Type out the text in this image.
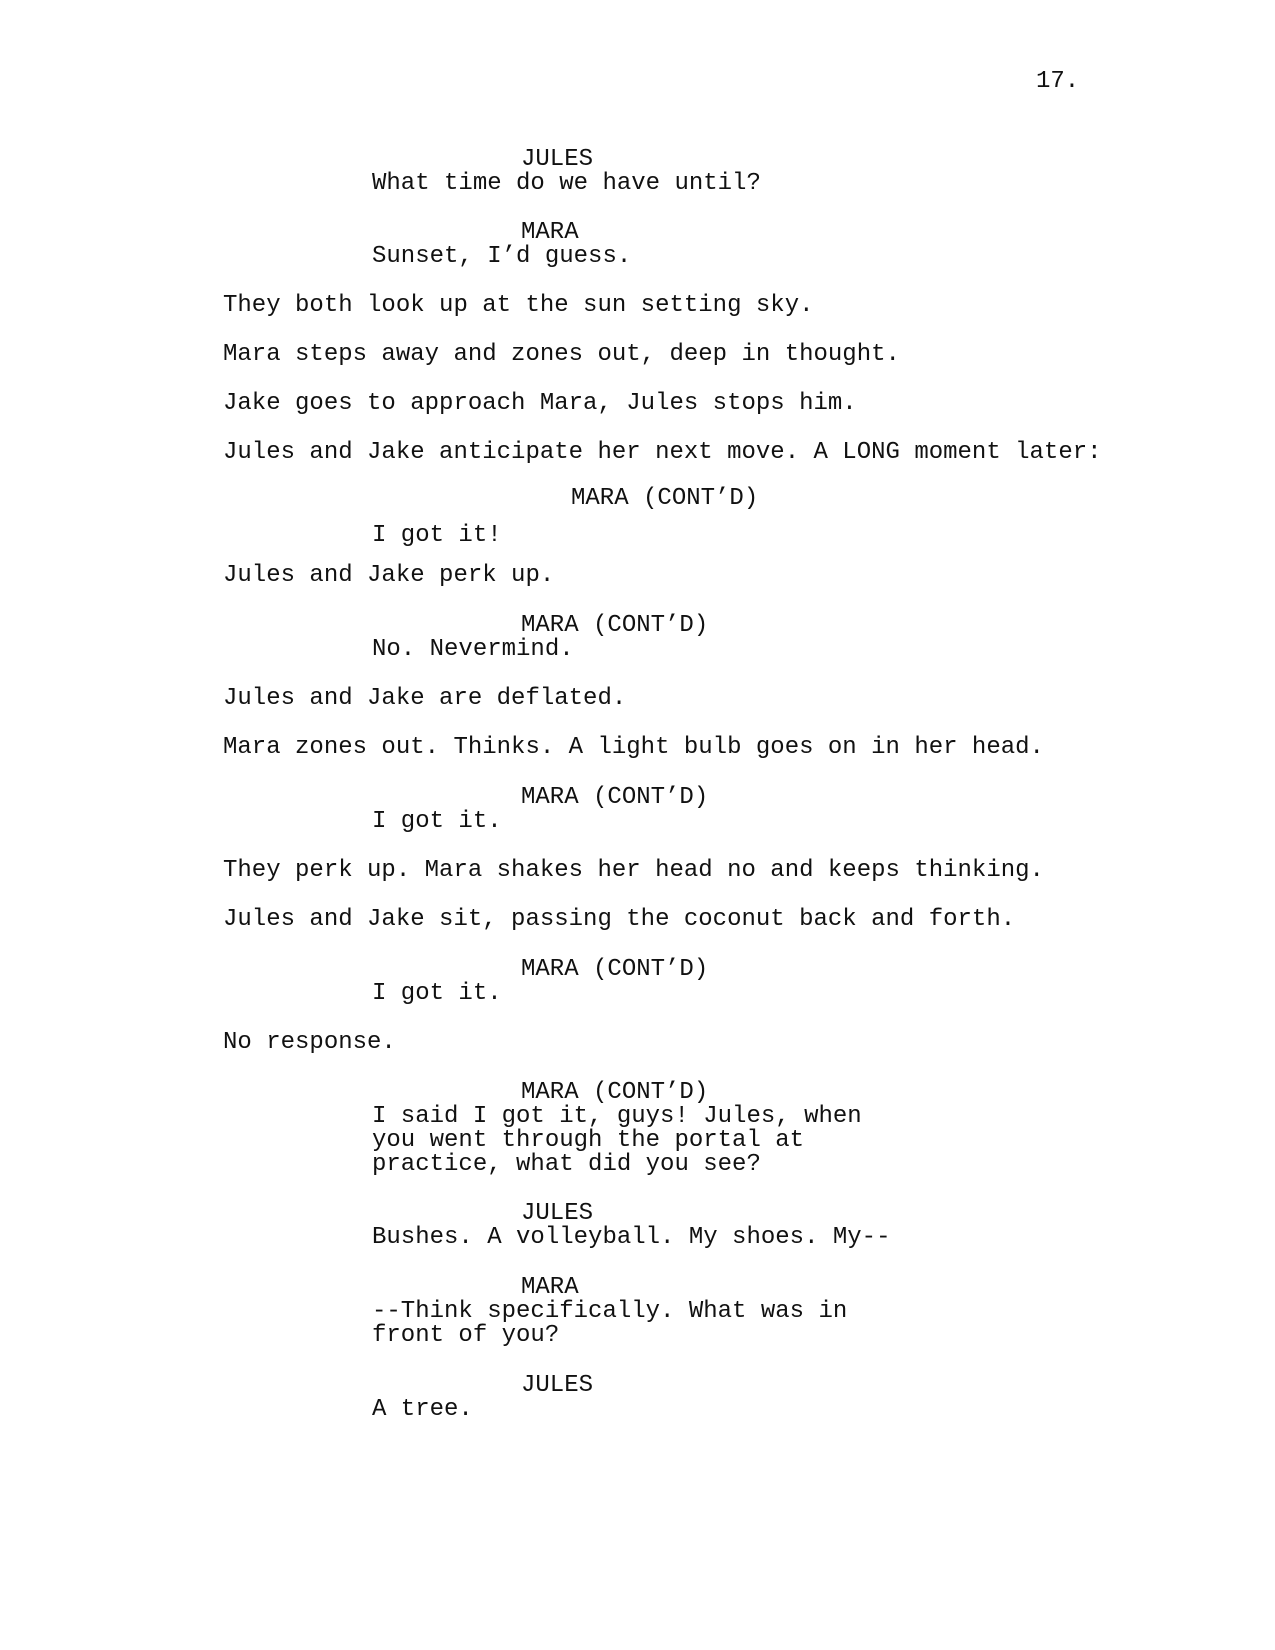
17.
JULES
What time do we have until?
MARA
Sunset, I’d guess.
They both look up at the sun setting sky.
Mara steps away and zones out, deep in thought.
Jake goes to approach Mara, Jules stops him.
Jules and Jake anticipate her next move. A LONG moment later:
MARA (CONT’D)
I got it!
Jules and Jake perk up.
MARA (CONT’D)
No. Nevermind.
Jules and Jake are deflated.
Mara zones out. Thinks. A light bulb goes on in her head.
MARA (CONT’D)
I got it.
They perk up. Mara shakes her head no and keeps thinking.
Jules and Jake sit, passing the coconut back and forth.
MARA (CONT’D)
I got it.
No response.
MARA (CONT’D)
I said I got it, guys! Jules, when
you went through the portal at
practice, what did you see?
JULES
Bushes. A volleyball. My shoes. My--
MARA
--Think specifically. What was in
front of you?
JULES
A tree.
